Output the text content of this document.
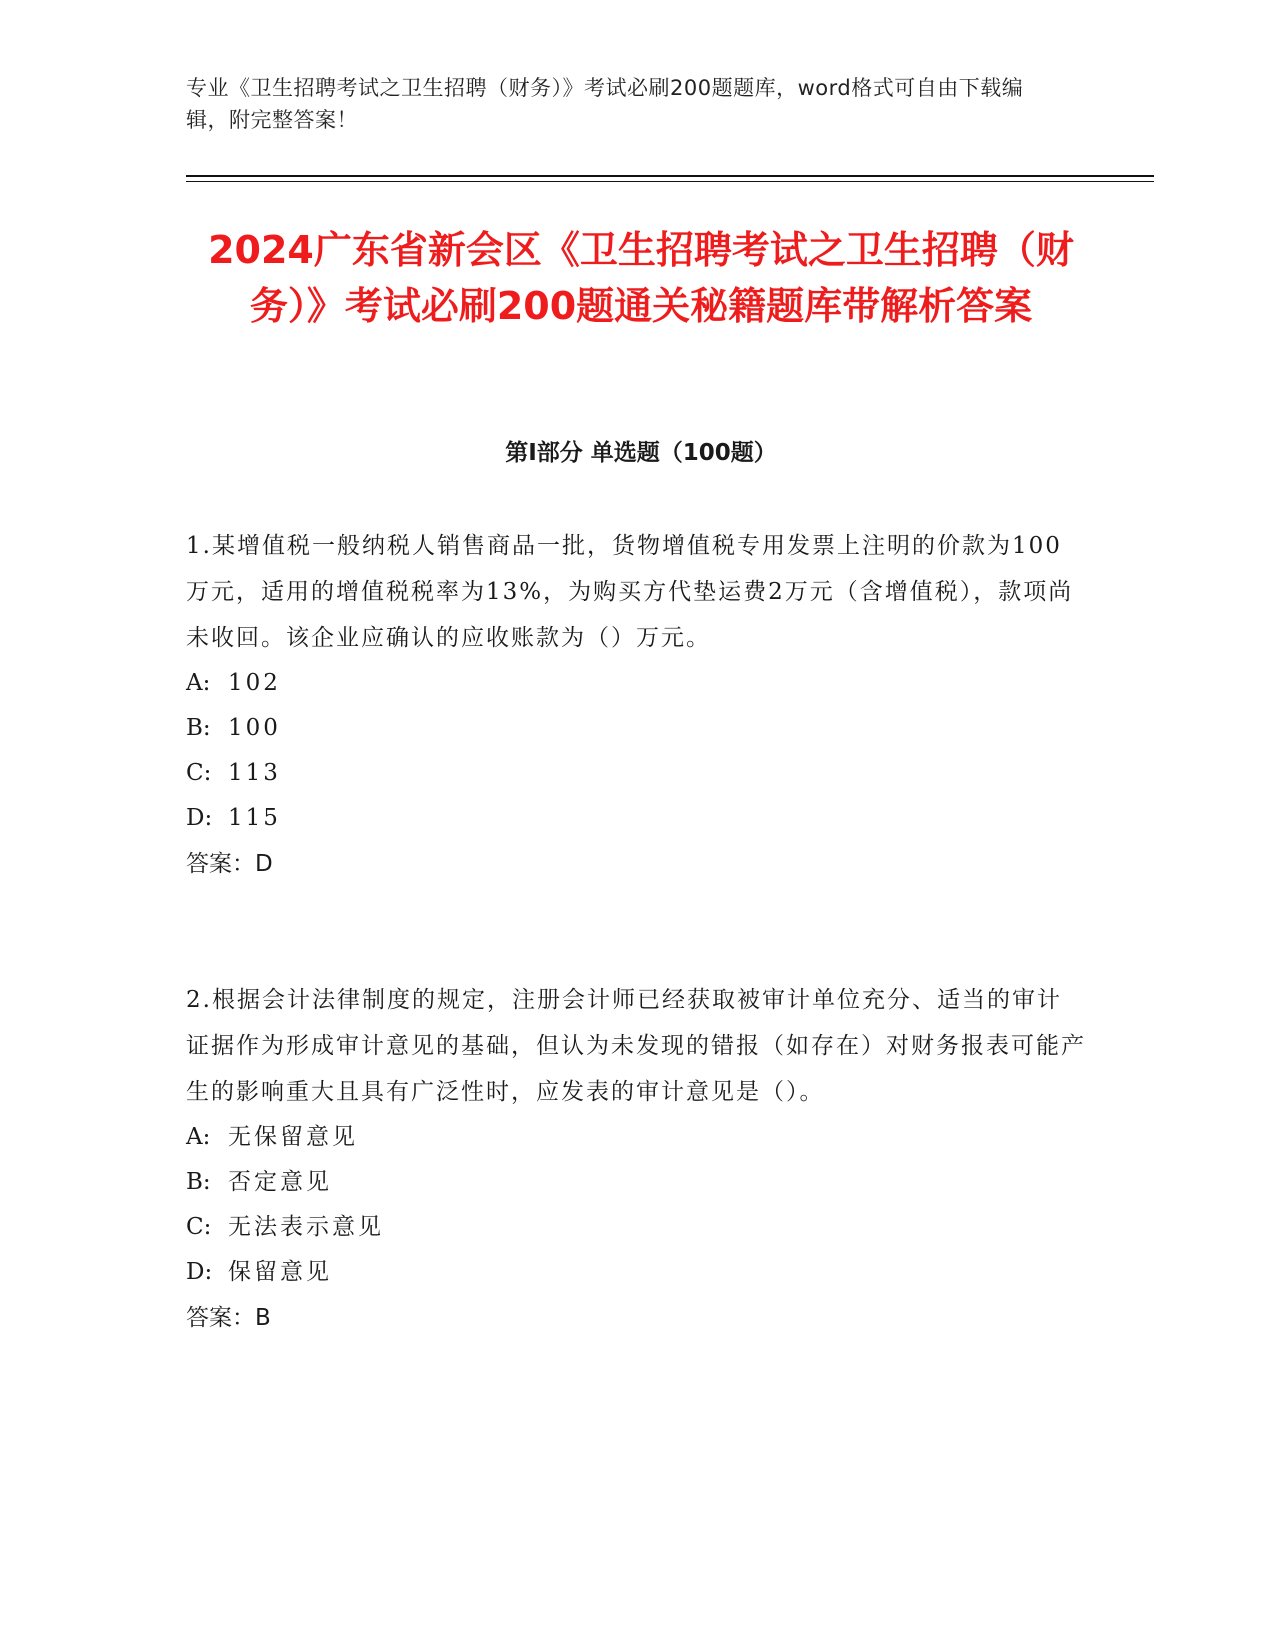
专业《卫生招聘考试之卫生招聘（财务）》考试必刷200题题库，word格式可自由下载编辑，附完整答案！
2024广东省新会区《卫生招聘考试之卫生招聘（财务）》考试必刷200题通关秘籍题库带解析答案
第I部分 单选题（100题）

1.某增值税一般纳税人销售商品一批，货物增值税专用发票上注明的价款为100万元，适用的增值税税率为13%，为购买方代垫运费2万元（含增值税），款项尚未收回。该企业应确认的应收账款为（）万元。

A: 102

B: 100

C: 113

D: 115

答案：D

2.根据会计法律制度的规定，注册会计师已经获取被审计单位充分、适当的审计证据作为形成审计意见的基础，但认为未发现的错报（如存在）对财务报表可能产生的影响重大且具有广泛性时，应发表的审计意见是（）。

A: 无保留意见

B: 否定意见

C: 无法表示意见

D: 保留意见

答案：B
